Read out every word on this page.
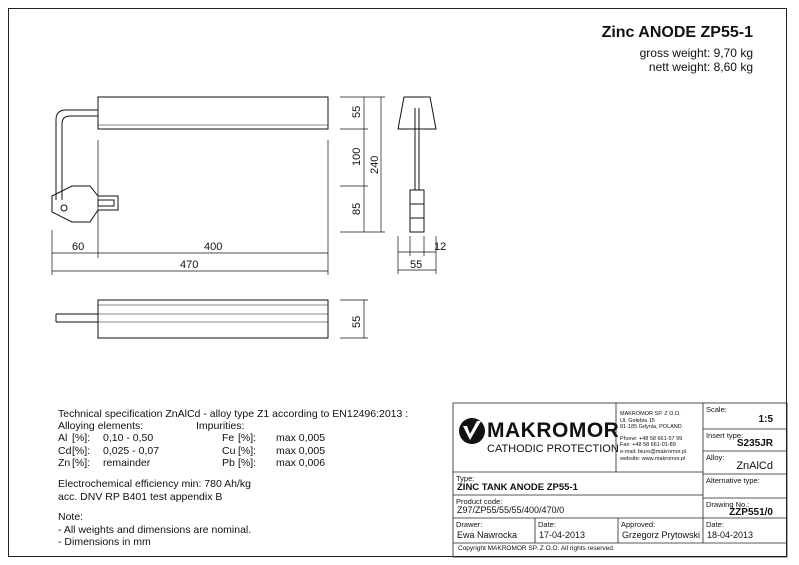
Zinc ANODE ZP55-1
gross weight: 9,70 kg
nett weight: 8,60 kg
60	400
470
55
100
85
240
12
55
55
Technical specification ZnAlCd - alloy type Z1 according to EN12496:2013 :
Alloying elements:	Impurities:
Al [%]: 0,10 - 0,50	Fe [%]: max 0,005
Cd [%]: 0,025 - 0,07	Cu [%]: max 0,005
Zn [%]: remainder	Pb [%]: max 0,006
Electrochemical efficiency min: 780 Ah/kg
acc. DNV RP B401 test appendix B
Note:
- All weights and dimensions are nominal.
- Dimensions in mm
MAKROMOR
CATHODIC PROTECTION
MAKROMOR SP. Z O.O.
Ul. Gołębia 15
81-185 Gdynia, POLAND
Phone: +48 58 661-57 99
Fax: +48 58 661-01-89
e-mail: biuro@makromor.pl
website: www.makromor.pl
Scale:
1:5
Insert type:
S235JR
Alloy:
ZnAlCd
Alternative type:
Drawing No.:
ZZP551/0
Type:
ZINC TANK ANODE ZP55-1
Product code:
Z97/ZP55/55/55/400/470/0
Drawer:
Ewa Nawrocka
Date:
17-04-2013
Approved:
Grzegorz Prytowski
Date:
18-04-2013
Copyright MAKROMOR SP. Z O.O. All rights reserved.
